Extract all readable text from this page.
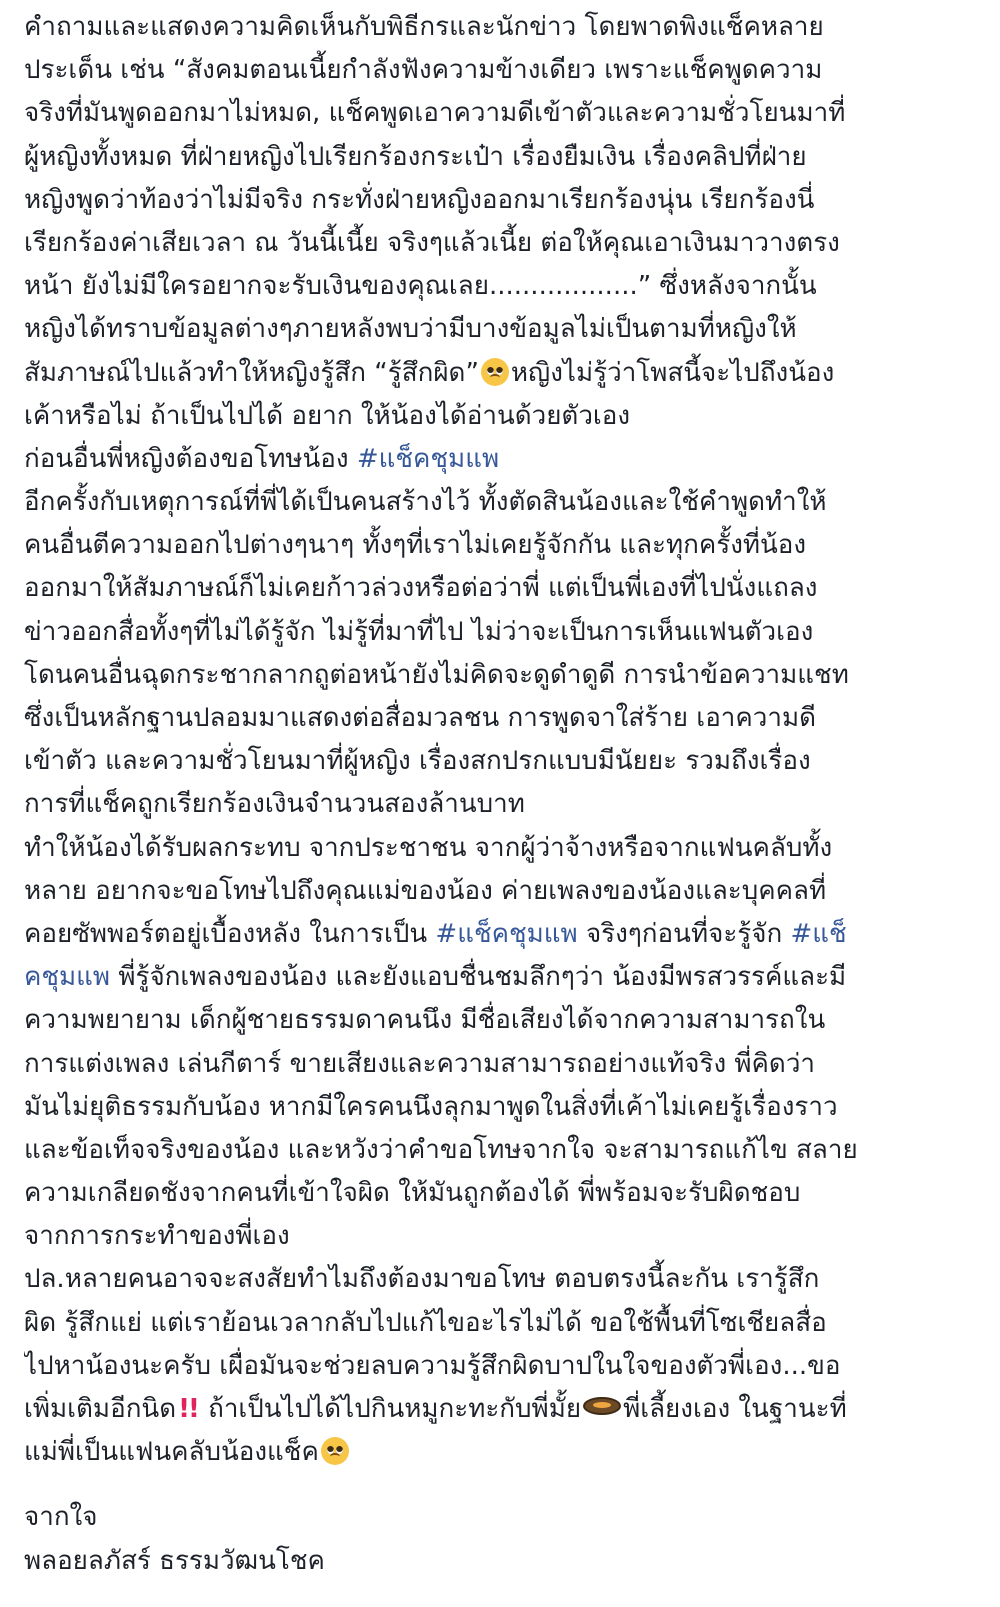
คำถามและแสดงความคิดเห็นกับพิธีกรและนักข่าว โดยพาดพิงแช็คหลาย
ประเด็น เช่น “สังคมตอนเนี้ยกำลังฟังความข้างเดียว เพราะแช็คพูดความ
จริงที่มันพูดออกมาไม่หมด, แช็คพูดเอาความดีเข้าตัวและความชั่วโยนมาที่
ผู้หญิงทั้งหมด ที่ฝ่ายหญิงไปเรียกร้องกระเป๋า เรื่องยืมเงิน เรื่องคลิปที่ฝ่าย
หญิงพูดว่าท้องว่าไม่มีจริง กระทั่งฝ่ายหญิงออกมาเรียกร้องนุ่น เรียกร้องนี่
เรียกร้องค่าเสียเวลา ณ วันนี้เนี้ย จริงๆแล้วเนี้ย ต่อให้คุณเอาเงินมาวางตรง
หน้า ยังไม่มีใครอยากจะรับเงินของคุณเลย..................” ซึ่งหลังจากนั้น
หญิงได้ทราบข้อมูลต่างๆภายหลังพบว่ามีบางข้อมูลไม่เป็นตามที่หญิงให้
สัมภาษณ์ไปแล้วทำให้หญิงรู้สึก “รู้สึกผิด” หญิงไม่รู้ว่าโพสนี้จะไปถึงน้อง
เค้าหรือไม่ ถ้าเป็นไปได้ อยาก ให้น้องได้อ่านด้วยตัวเอง
ก่อนอื่นพี่หญิงต้องขอโทษน้อง #แช็คชุมแพ
อีกครั้งกับเหตุการณ์ที่พี่ได้เป็นคนสร้างไว้ ทั้งตัดสินน้องและใช้คำพูดทำให้
คนอื่นตีความออกไปต่างๆนาๆ ทั้งๆที่เราไม่เคยรู้จักกัน และทุกครั้งที่น้อง
ออกมาให้สัมภาษณ์ก็ไม่เคยก้าวล่วงหรือต่อว่าพี่ แต่เป็นพี่เองที่ไปนั่งแถลง
ข่าวออกสื่อทั้งๆที่ไม่ได้รู้จัก ไม่รู้ที่มาที่ไป ไม่ว่าจะเป็นการเห็นแฟนตัวเอง
โดนคนอื่นฉุดกระชากลากถูต่อหน้ายังไม่คิดจะดูดำดูดี การนำข้อความแชท
ซึ่งเป็นหลักฐานปลอมมาแสดงต่อสื่อมวลชน การพูดจาใส่ร้าย เอาความดี
เข้าตัว และความชั่วโยนมาที่ผู้หญิง เรื่องสกปรกแบบมีนัยยะ รวมถึงเรื่อง
การที่แช็คถูกเรียกร้องเงินจำนวนสองล้านบาท
ทำให้น้องได้รับผลกระทบ จากประชาชน จากผู้ว่าจ้างหรือจากแฟนคลับทั้ง
หลาย อยากจะขอโทษไปถึงคุณแม่ของน้อง ค่ายเพลงของน้องและบุคคลที่
คอยซัพพอร์ตอยู่เบื้องหลัง ในการเป็น #แช็คชุมแพ จริงๆก่อนที่จะรู้จัก #แช็
คชุมแพ พี่รู้จักเพลงของน้อง และยังแอบชื่นชมลึกๆว่า น้องมีพรสวรรค์และมี
ความพยายาม เด็กผู้ชายธรรมดาคนนึง มีชื่อเสียงได้จากความสามารถใน
การแต่งเพลง เล่นกีตาร์ ขายเสียงและความสามารถอย่างแท้จริง พี่คิดว่า
มันไม่ยุติธรรมกับน้อง หากมีใครคนนึงลุกมาพูดในสิ่งที่เค้าไม่เคยรู้เรื่องราว
และข้อเท็จจริงของน้อง และหวังว่าคำขอโทษจากใจ จะสามารถแก้ไข สลาย
ความเกลียดชังจากคนที่เข้าใจผิด ให้มันถูกต้องได้ พี่พร้อมจะรับผิดชอบ
จากการกระทำของพี่เอง
ปล.หลายคนอาจจะสงสัยทำไมถึงต้องมาขอโทษ ตอบตรงนี้ละกัน เรารู้สึก
ผิด รู้สึกแย่ แต่เราย้อนเวลากลับไปแก้ไขอะไรไม่ได้ ขอใช้พื้นที่โซเชียลสื่อ
ไปหาน้องนะครับ เผื่อมันจะช่วยลบความรู้สึกผิดบาปในใจของตัวพี่เอง...ขอ
เพิ่มเติมอีกนิด!! ถ้าเป็นไปได้ไปกินหมูกะทะกับพี่มั้ย พี่เลี้ยงเอง ในฐานะที่
แม่พี่เป็นแฟนคลับน้องแช็ค
จากใจ
พลอยลภัสร์ ธรรมวัฒนโชค
